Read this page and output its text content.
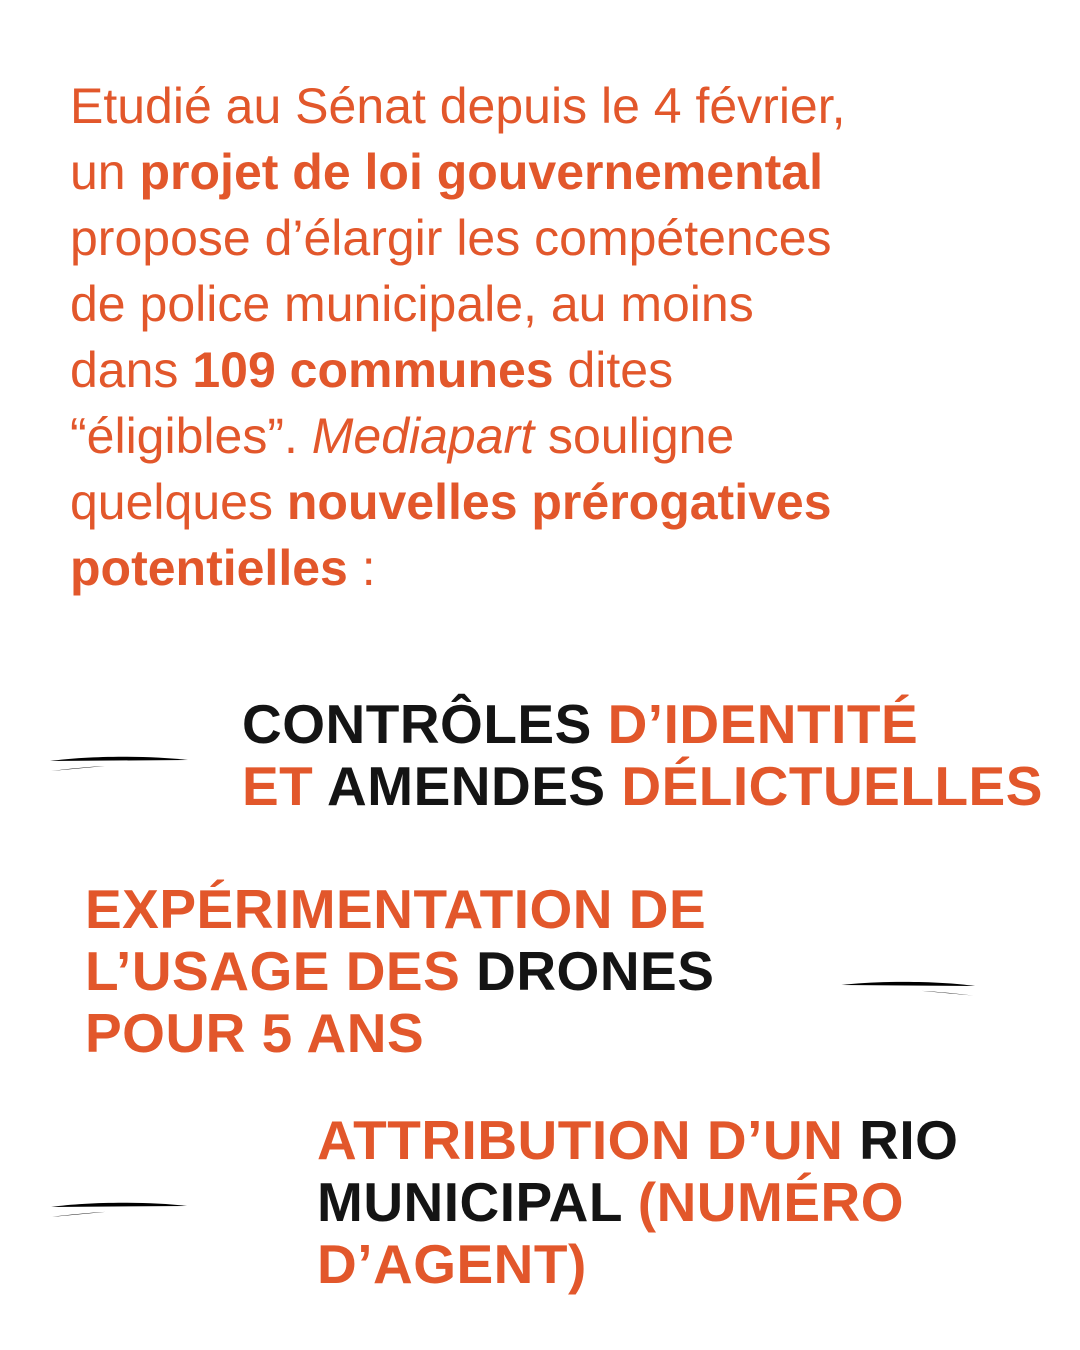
Etudié au Sénat depuis le 4 février,
un projet de loi gouvernemental
propose d’élargir les compétences
de police municipale, au moins
dans 109 communes dites
“éligibles”. Mediapart souligne
quelques nouvelles prérogatives
potentielles :
CONTRÔLES D’IDENTITÉ
ET AMENDES DÉLICTUELLES
EXPÉRIMENTATION DE
L’USAGE DES DRONES
POUR 5 ANS
ATTRIBUTION D’UN RIO
MUNICIPAL (NUMÉRO
D’AGENT)
